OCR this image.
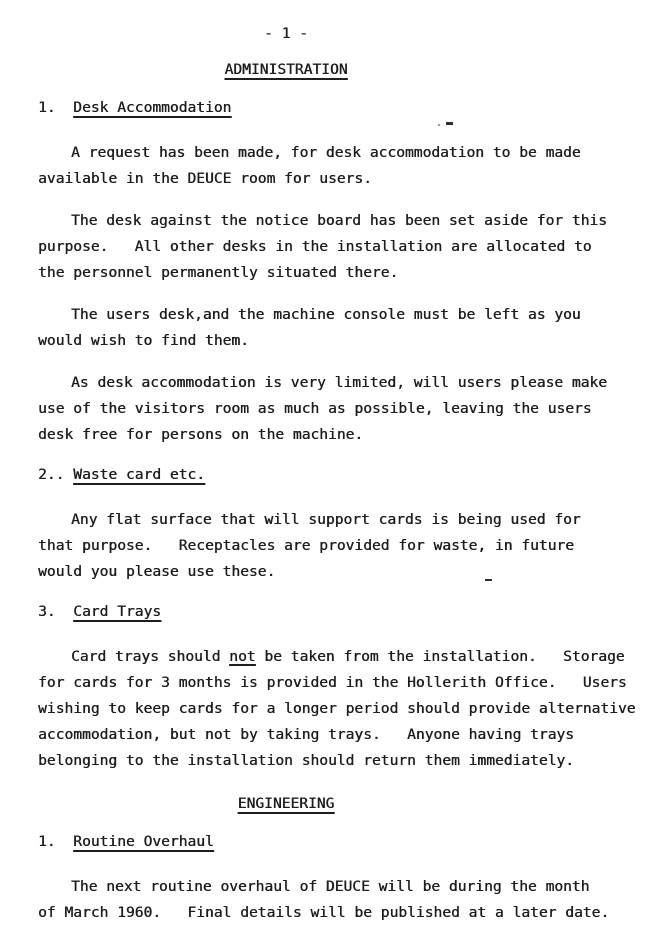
- 1 -
ADMINISTRATION
1. Desk Accommodation
A request has been made, for desk accommodation to be made
available in the DEUCE room for users.
The desk against the notice board has been set aside for this
purpose.   All other desks in the installation are allocated to
the personnel permanently situated there.
The users desk,and the machine console must be left as you
would wish to find them.
As desk accommodation is very limited, will users please make
use of the visitors room as much as possible, leaving the users
desk free for persons on the machine.
2.. Waste card etc.
Any flat surface that will support cards is being used for
that purpose.   Receptacles are provided for waste, in future
would you please use these.
3. Card Trays
Card trays should not be taken from the installation.   Storage
for cards for 3 months is provided in the Hollerith Office.   Users
wishing to keep cards for a longer period should provide alternative
accommodation, but not by taking trays.   Anyone having trays
belonging to the installation should return them immediately.
ENGINEERING
1. Routine Overhaul
The next routine overhaul of DEUCE will be during the month
of March 1960.   Final details will be published at a later date.
